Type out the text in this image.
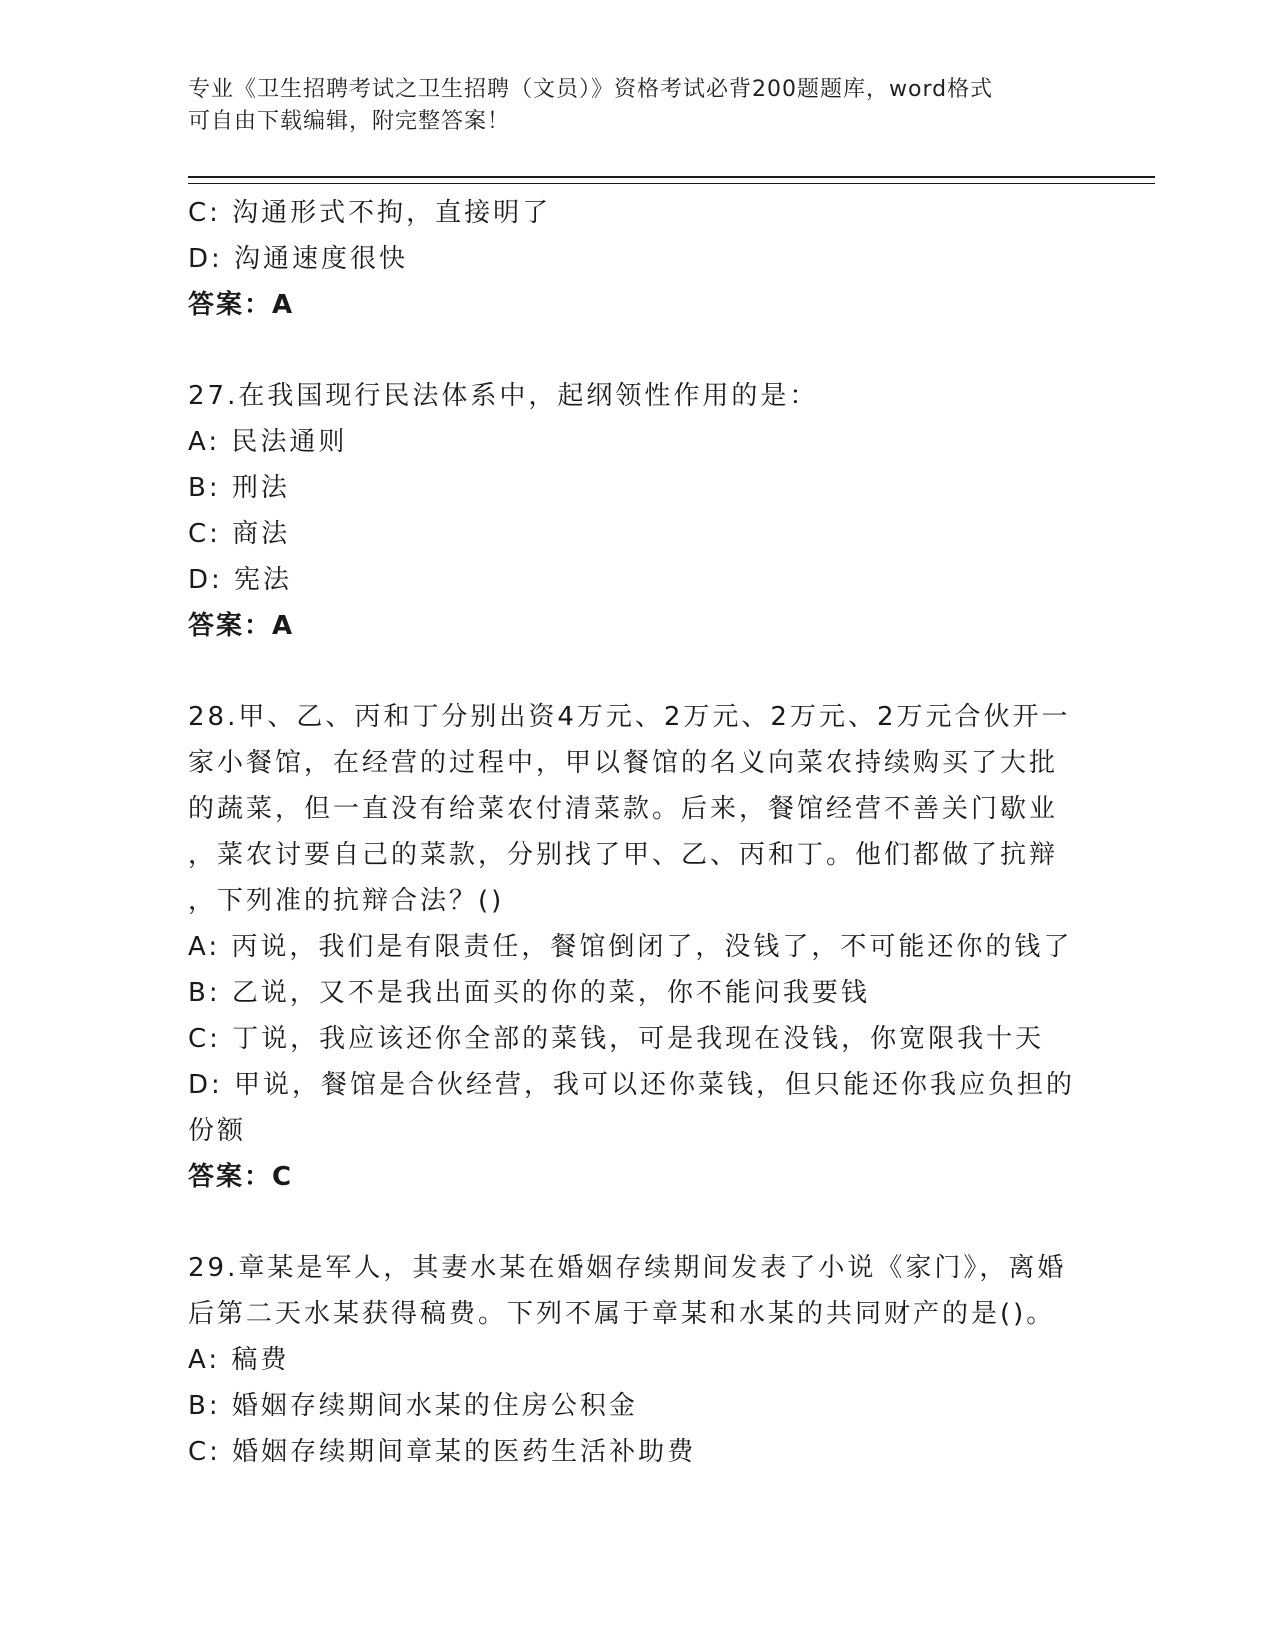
专业《卫生招聘考试之卫生招聘（文员）》资格考试必背200题题库，word格式
可自由下载编辑，附完整答案！
C: 沟通形式不拘，直接明了
D: 沟通速度很快
答案：A
27.在我国现行民法体系中，起纲领性作用的是：
A: 民法通则
B: 刑法
C: 商法
D: 宪法
答案：A
28.甲、乙、丙和丁分别出资4万元、2万元、2万元、2万元合伙开一
家小餐馆，在经营的过程中，甲以餐馆的名义向菜农持续购买了大批
的蔬菜，但一直没有给菜农付清菜款。后来，餐馆经营不善关门歇业
，菜农讨要自己的菜款，分别找了甲、乙、丙和丁。他们都做了抗辩
，下列准的抗辩合法？()
A: 丙说，我们是有限责任，餐馆倒闭了，没钱了，不可能还你的钱了
B: 乙说，又不是我出面买的你的菜，你不能问我要钱
C: 丁说，我应该还你全部的菜钱，可是我现在没钱，你宽限我十天
D: 甲说，餐馆是合伙经营，我可以还你菜钱，但只能还你我应负担的
份额
答案：C
29.章某是军人，其妻水某在婚姻存续期间发表了小说《家门》，离婚
后第二天水某获得稿费。下列不属于章某和水某的共同财产的是()。
A: 稿费
B: 婚姻存续期间水某的住房公积金
C: 婚姻存续期间章某的医药生活补助费
